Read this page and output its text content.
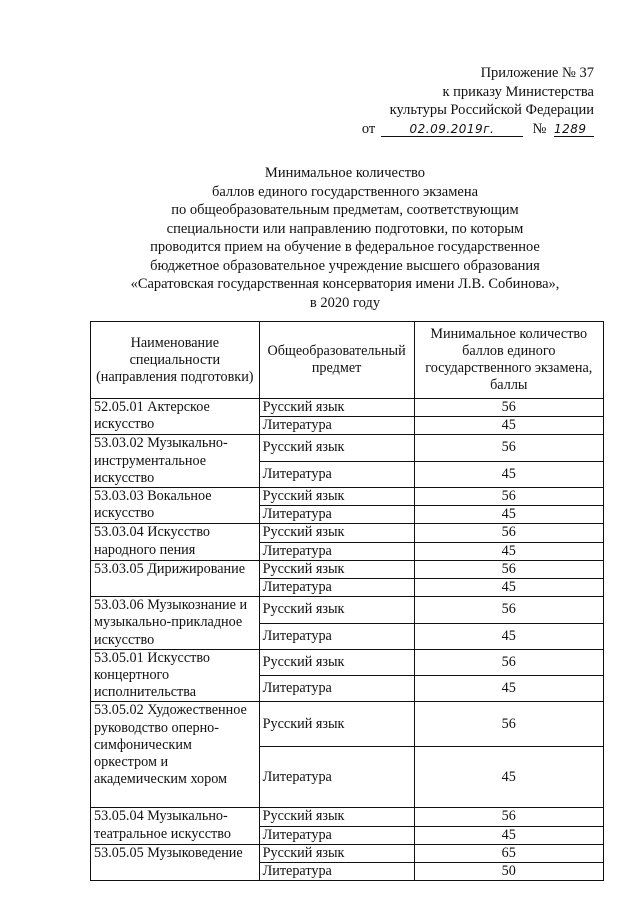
Приложение № 37
к приказу Министерства
культуры Российской Федерации
от	02.09.2019г.	№ 1289
Минимальное количество
баллов единого государственного экзамена
по общеобразовательным предметам, соответствующим
специальности или направлению подготовки, по которым
проводится прием на обучение в федеральное государственное
бюджетное образовательное учреждение высшего образования
«Саратовская государственная консерватория имени Л.В. Собинова»,
в 2020 году
Наименование специальности (направления подготовки)	Общеобразовательный предмет	Минимальное количество баллов единого государственного экзамена, баллы
52.05.01 Актерское искусство	Русский язык	56
	Литература	45
53.03.02 Музыкально-инструментальное искусство	Русский язык	56
	Литература	45
53.03.03 Вокальное искусство	Русский язык	56
	Литература	45
53.03.04 Искусство народного пения	Русский язык	56
	Литература	45
53.03.05 Дирижирование	Русский язык	56
	Литература	45
53.03.06 Музыкознание и музыкально-прикладное искусство	Русский язык	56
	Литература	45
53.05.01 Искусство концертного исполнительства	Русский язык	56
	Литература	45
53.05.02 Художественное руководство оперно-симфоническим оркестром и академическим хором	Русский язык	56
	Литература	45
53.05.04 Музыкально-театральное искусство	Русский язык	56
	Литература	45
53.05.05 Музыковедение	Русский язык	65
	Литература	50
